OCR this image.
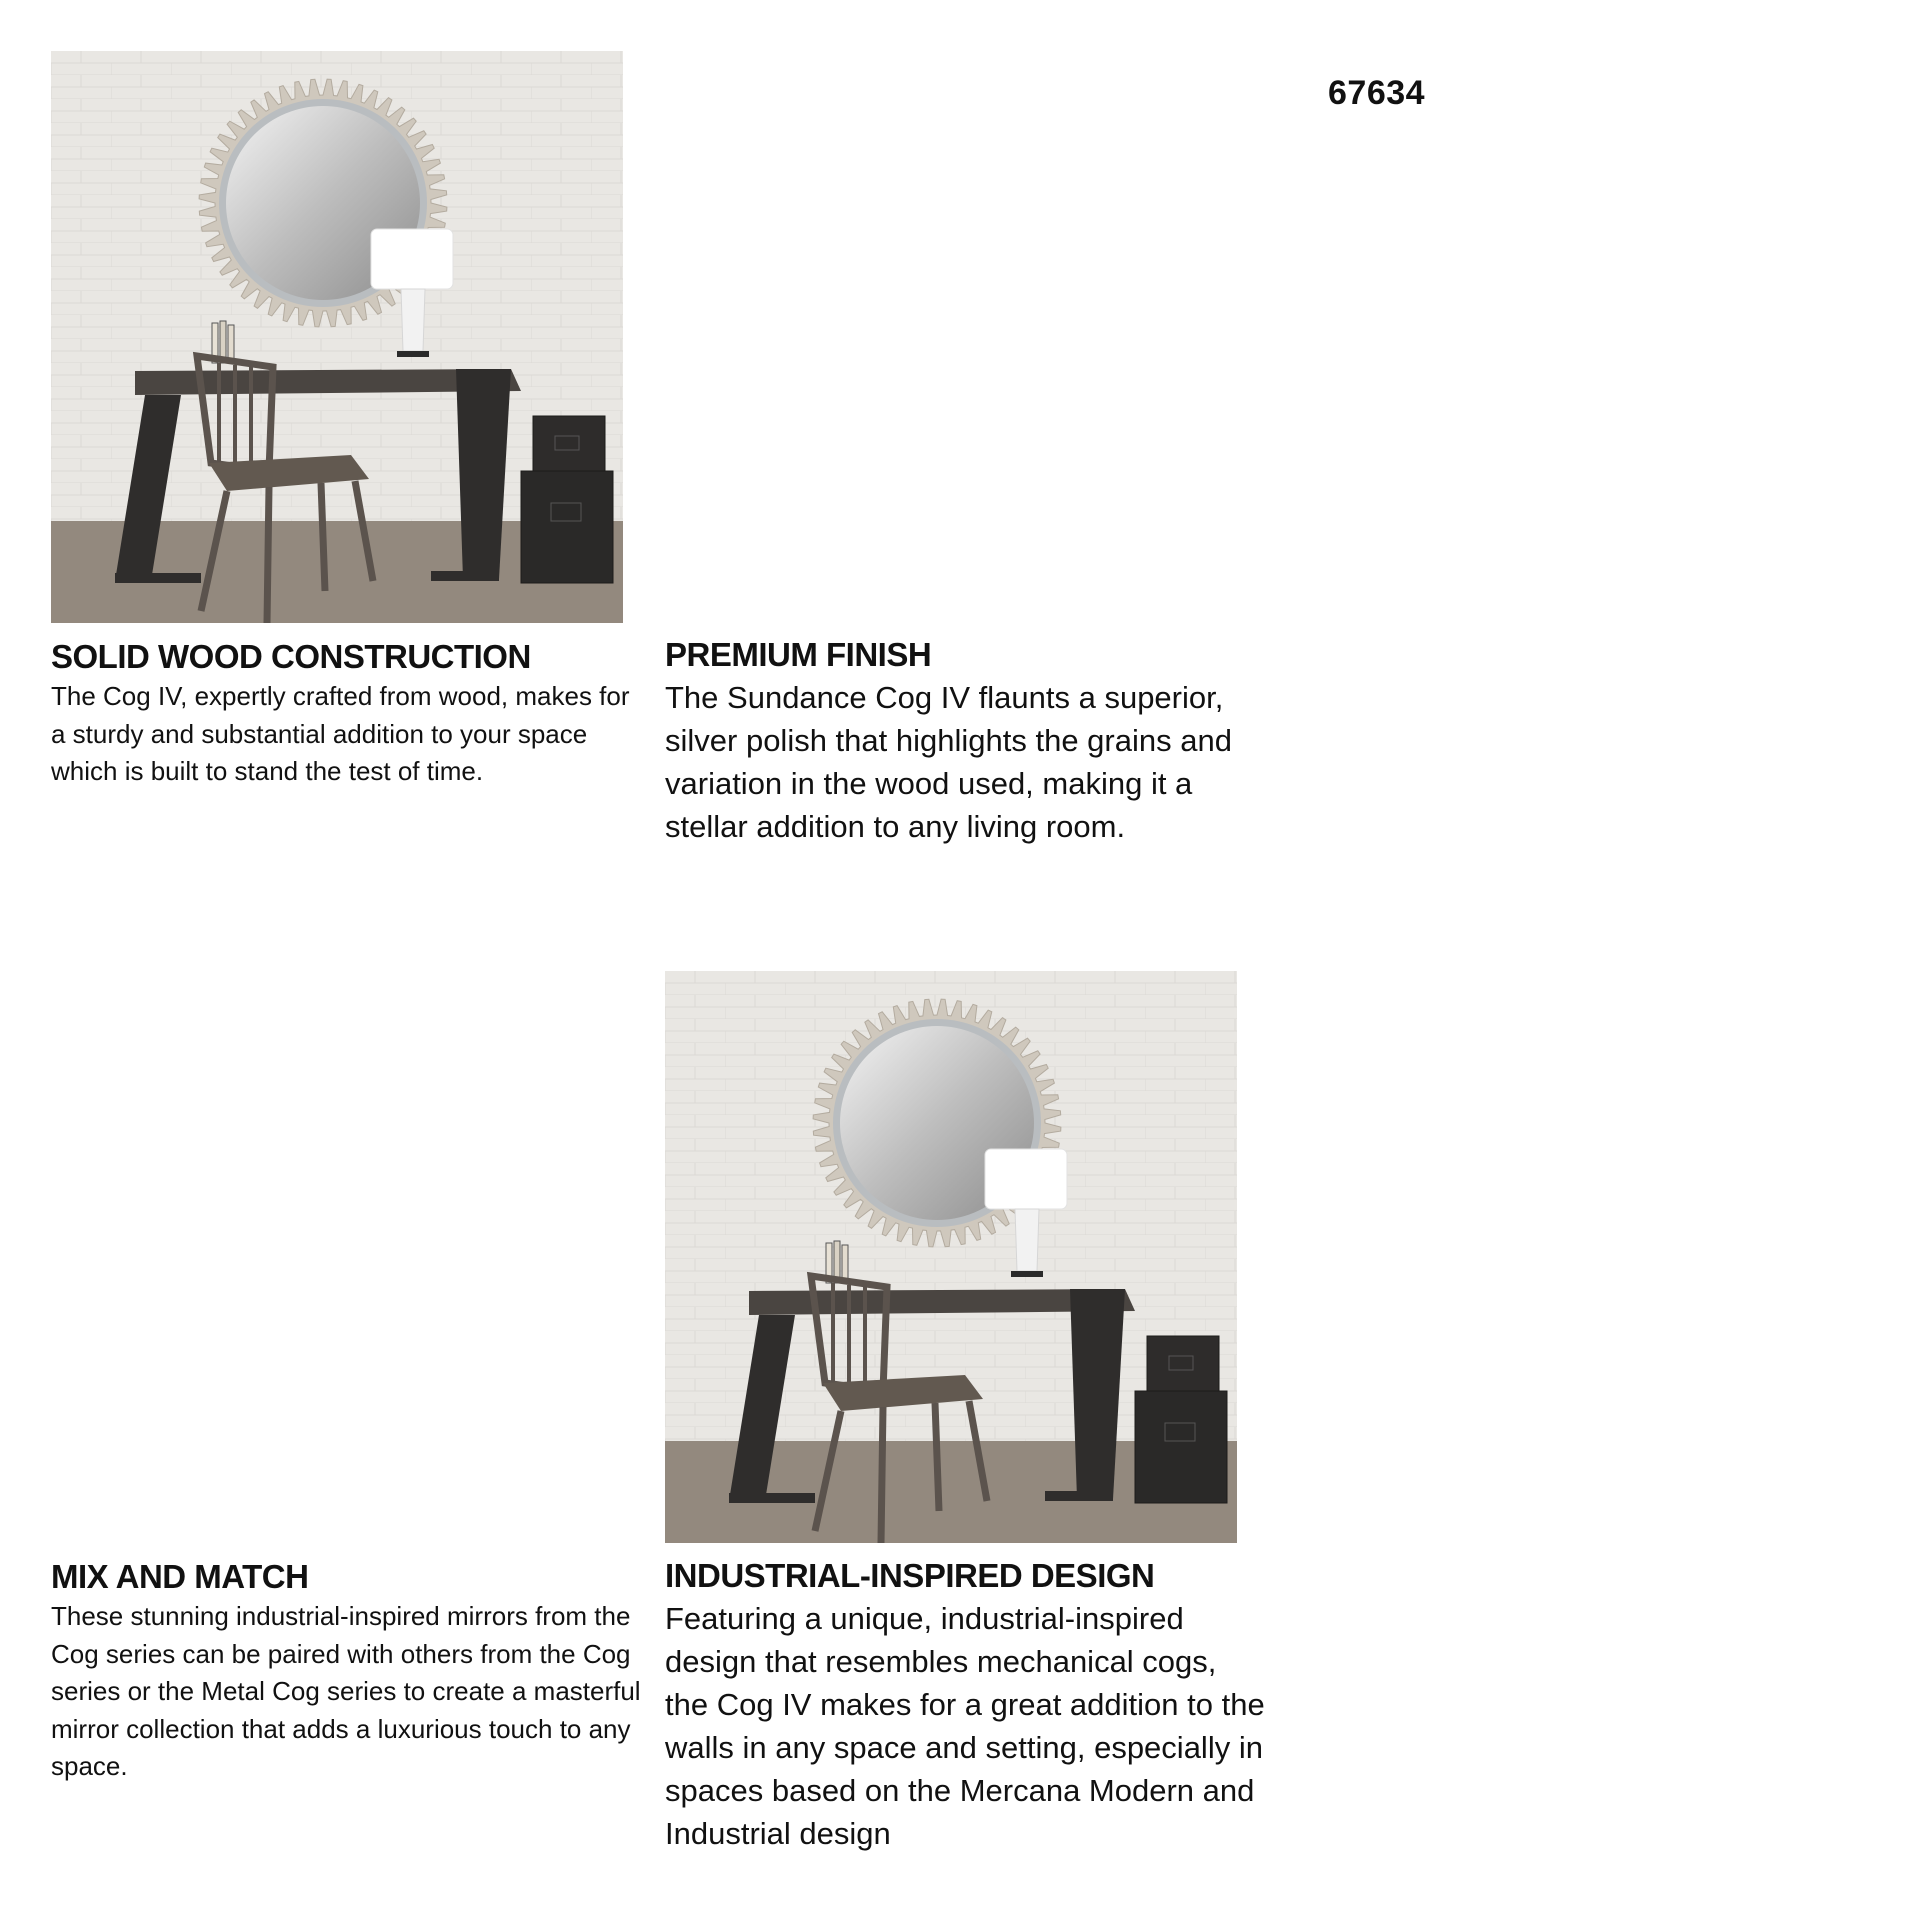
67634
SOLID WOOD CONSTRUCTION

The Cog IV, expertly crafted from wood, makes for a sturdy and substantial addition to your space which is built to stand the test of time.

PREMIUM FINISH

The Sundance Cog IV flaunts a superior, silver polish that highlights the grains and variation in the wood used, making it a stellar addition to any living room.

MIX AND MATCH

These stunning industrial-inspired mirrors from the Cog series can be paired with others from the Cog series or the Metal Cog series to create a masterful mirror collection that adds a luxurious touch to any space.

INDUSTRIAL-INSPIRED DESIGN

Featuring a unique, industrial-inspired design that resembles mechanical cogs, the Cog IV makes for a great addition to the walls in any space and setting, especially in spaces based on the Mercana Modern and Industrial design
